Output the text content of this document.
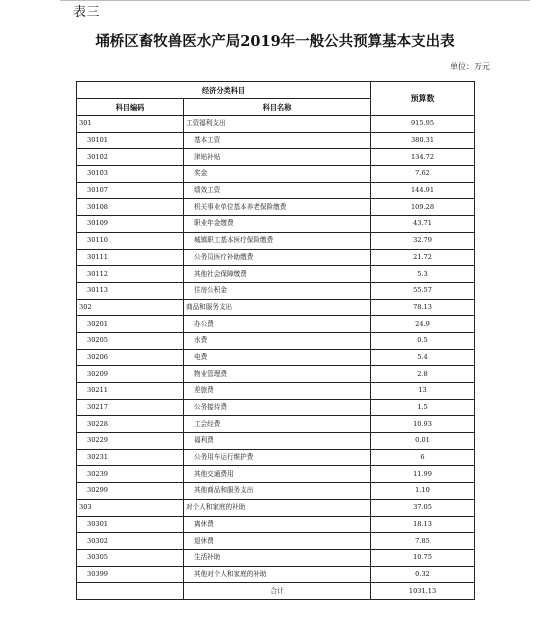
表三
埇桥区畜牧兽医水产局2019年一般公共预算基本支出表
单位：万元
经济分类科目		预算数
科目编码	科目名称	
301	工资福利支出	915.95
30101	基本工资	380.31
30102	津贴补贴	134.72
30103	奖金	7.62
30107	绩效工资	144.91
30108	机关事业单位基本养老保险缴费	109.28
30109	职业年金缴费	43.71
30110	城镇职工基本医疗保险缴费	32.79
30111	公务员医疗补助缴费	21.72
30112	其他社会保障缴费	5.3
30113	住房公积金	55.57
302	商品和服务支出	78.13
30201	办公费	24.9
30205	水费	0.5
30206	电费	5.4
30209	物业管理费	2.8
30211	差旅费	13
30217	公务接待费	1.5
30228	工会经费	10.93
30229	福利费	0.01
30231	公务用车运行维护费	6
30239	其他交通费用	11.99
30299	其他商品和服务支出	1.10
303	对个人和家庭的补助	37.05
30301	离休费	18.13
30302	退休费	7.85
30305	生活补助	10.75
30399	其他对个人和家庭的补助	0.32
	合计	1031.13
